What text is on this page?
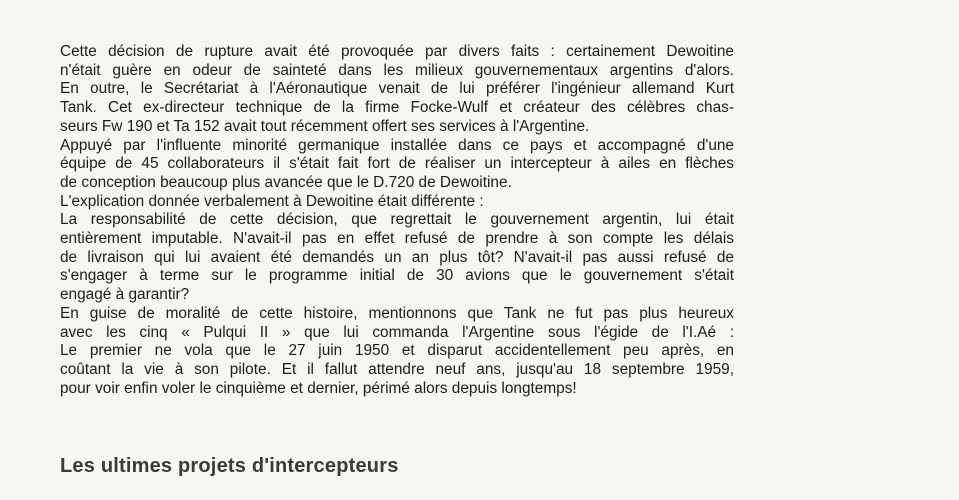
Cette décision de rupture avait été provoquée par divers faits : certainement Dewoitine
n'était guère en odeur de sainteté dans les milieux gouvernementaux argentins d'alors.
En outre, le Secrétariat à l'Aéronautique venait de lui préférer l'ingénieur allemand Kurt
Tank. Cet ex-directeur technique de la firme Focke-Wulf et créateur des célèbres chas-
seurs Fw 190 et Ta 152 avait tout récemment offert ses services à l'Argentine.
Appuyé par l'influente minorité germanique installée dans ce pays et accompagné d'une
équipe de 45 collaborateurs il s'était fait fort de réaliser un intercepteur à ailes en flèches
de conception beaucoup plus avancée que le D.720 de Dewoitine.
L'explication donnée verbalement à Dewoitine était différente :
La responsabilité de cette décision, que regrettait le gouvernement argentin, lui était
entièrement imputable. N'avait-il pas en effet refusé de prendre à son compte les délais
de livraison qui lui avaient été demandés un an plus tôt? N'avait-il pas aussi refusé de
s'engager à terme sur le programme initial de 30 avions que le gouvernement s'était
engagé à garantir?
En guise de moralité de cette histoire, mentionnons que Tank ne fut pas plus heureux
avec les cinq « Pulqui II » que lui commanda l'Argentine sous l'égide de l'I.Aé :
Le premier ne vola que le 27 juin 1950 et disparut accidentellement peu après, en
coûtant la vie à son pilote. Et il fallut attendre neuf ans, jusqu'au 18 septembre 1959,
pour voir enfin voler le cinquième et dernier, périmé alors depuis longtemps!
Les ultimes projets d'intercepteurs
